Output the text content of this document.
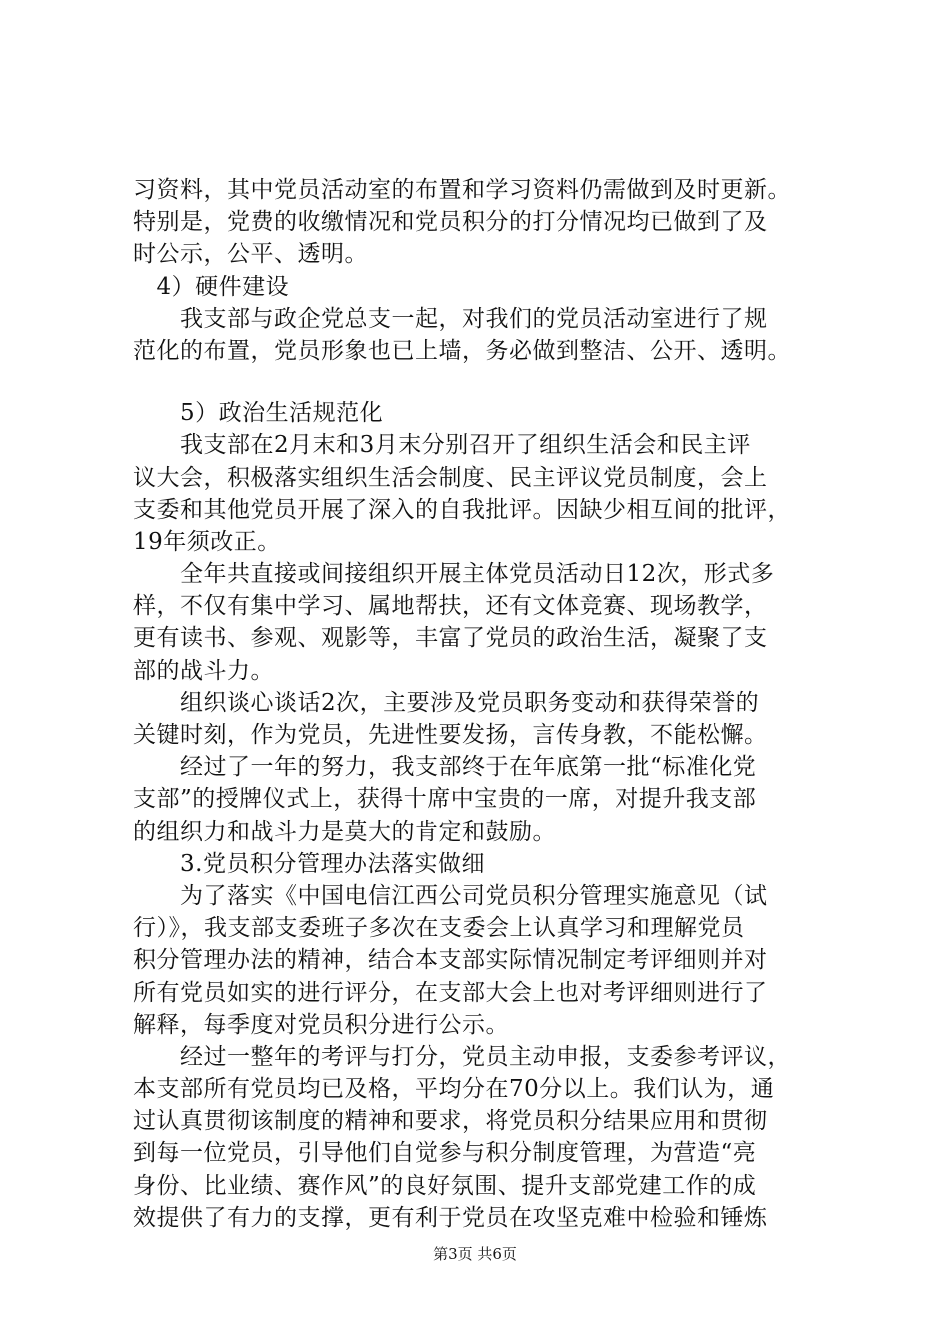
习资料，其中党员活动室的布置和学习资料仍需做到及时更新。
特别是，党费的收缴情况和党员积分的打分情况均已做到了及
时公示，公平、透明。
　4）硬件建设
　　我支部与政企党总支一起，对我们的党员活动室进行了规
范化的布置，党员形象也已上墙，务必做到整洁、公开、透明。
　　5）政治生活规范化
　　我支部在2月末和3月末分别召开了组织生活会和民主评
议大会，积极落实组织生活会制度、民主评议党员制度，会上
支委和其他党员开展了深入的自我批评。因缺少相互间的批评，
19年须改正。
　　全年共直接或间接组织开展主体党员活动日12次，形式多
样，不仅有集中学习、属地帮扶，还有文体竞赛、现场教学，
更有读书、参观、观影等，丰富了党员的政治生活，凝聚了支
部的战斗力。
　　组织谈心谈话2次，主要涉及党员职务变动和获得荣誉的
关键时刻，作为党员，先进性要发扬，言传身教，不能松懈。
　　经过了一年的努力，我支部终于在年底第一批“标准化党
支部”的授牌仪式上，获得十席中宝贵的一席，对提升我支部
的组织力和战斗力是莫大的肯定和鼓励。
　　3.党员积分管理办法落实做细
　　为了落实《中国电信江西公司党员积分管理实施意见（试
行）》，我支部支委班子多次在支委会上认真学习和理解党员
积分管理办法的精神，结合本支部实际情况制定考评细则并对
所有党员如实的进行评分，在支部大会上也对考评细则进行了
解释，每季度对党员积分进行公示。
　　经过一整年的考评与打分，党员主动申报，支委参考评议，
本支部所有党员均已及格，平均分在70分以上。我们认为，通
过认真贯彻该制度的精神和要求，将党员积分结果应用和贯彻
到每一位党员，引导他们自觉参与积分制度管理，为营造“亮
身份、比业绩、赛作风”的良好氛围、提升支部党建工作的成
效提供了有力的支撑，更有利于党员在攻坚克难中检验和锤炼
第3页 共6页
